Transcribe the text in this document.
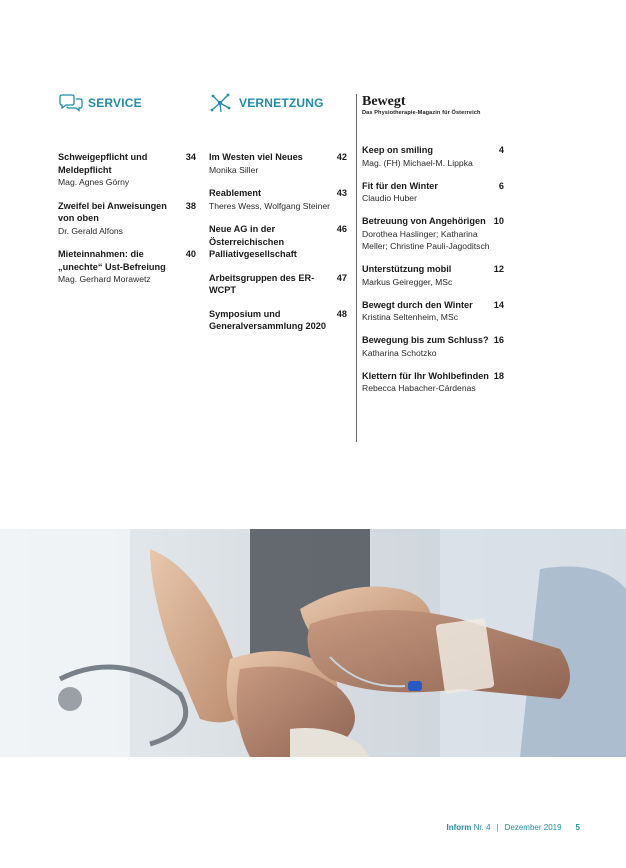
SERVICE
Schweigepflicht und Meldepflicht
34
Mag. Agnes Görny
Zweifel bei Anweisungen von oben
38
Dr. Gerald Alfons
Mieteinnahmen: die „unechte“ Ust-Befreiung
40
Mag. Gerhard Morawetz
VERNETZUNG
Im Westen viel Neues	42
Monika Siller
Reablement	43
Theres Wess, Wolfgang Steiner
Neue AG in der Österreichischen Palliativgesellschaft
46
Arbeitsgruppen des ER-WCPT
47
Symposium und Generalversammlung 2020
48
Bewegt
Das Physiotherapie-Magazin für Österreich
Keep on smiling	4
Mag. (FH) Michael-M. Lippka
Fit für den Winter	6
Claudio Huber
Betreuung von Angehörigen 10
Dorothea Haslinger; Katharina Meller; Christine Pauli-Jagoditsch
Unterstützung mobil	12
Markus Geiregger, MSc
Bewegt durch den Winter 14
Kristina Seltenheim, MSc
Bewegung bis zum Schluss? 16
Katharina Schotzko
Klettern für Ihr Wohlbefinden 18
Rebecca Habacher-Cárdenas
Inform Nr. 4 | Dezember 2019 5
